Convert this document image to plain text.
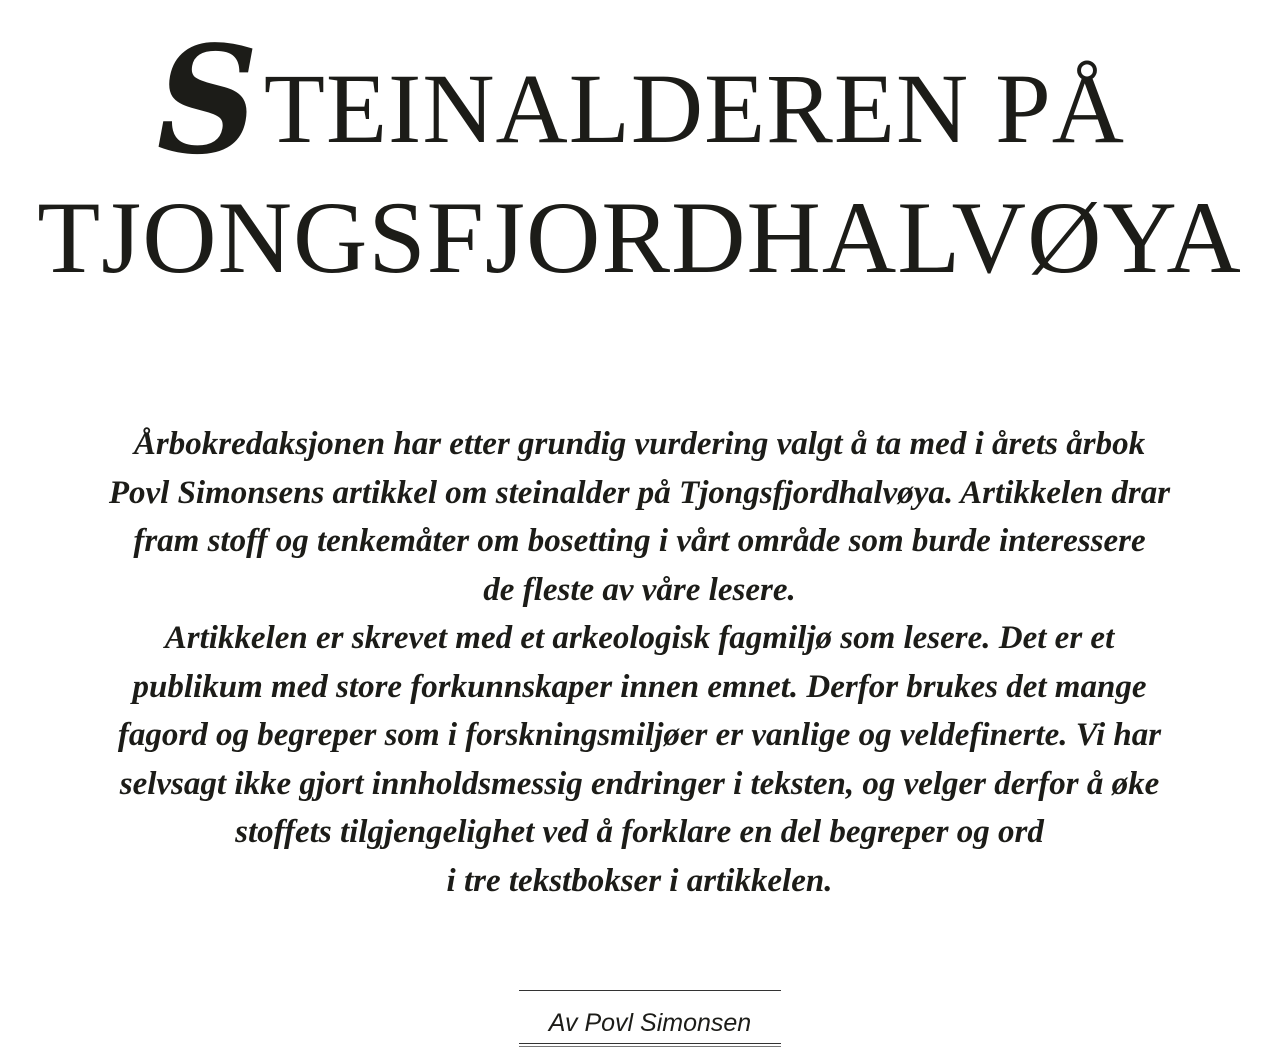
STEINALDEREN PÅ
TJONGSFJORDHALVØYA

Årbokredaksjonen har etter grundig vurdering valgt å ta med i årets årbok
Povl Simonsens artikkel om steinalder på Tjongsfjordhalvøya. Artikkelen drar
fram stoff og tenkemåter om bosetting i vårt område som burde interessere
de fleste av våre lesere.

Artikkelen er skrevet med et arkeologisk fagmiljø som lesere. Det er et
publikum med store forkunnskaper innen emnet. Derfor brukes det mange
fagord og begreper som i forskningsmiljøer er vanlige og veldefinerte. Vi har
selvsagt ikke gjort innholdsmessig endringer i teksten, og velger derfor å øke
stoffets tilgjengelighet ved å forklare en del begreper og ord
i tre tekstbokser i artikkelen.

Av Povl Simonsen
